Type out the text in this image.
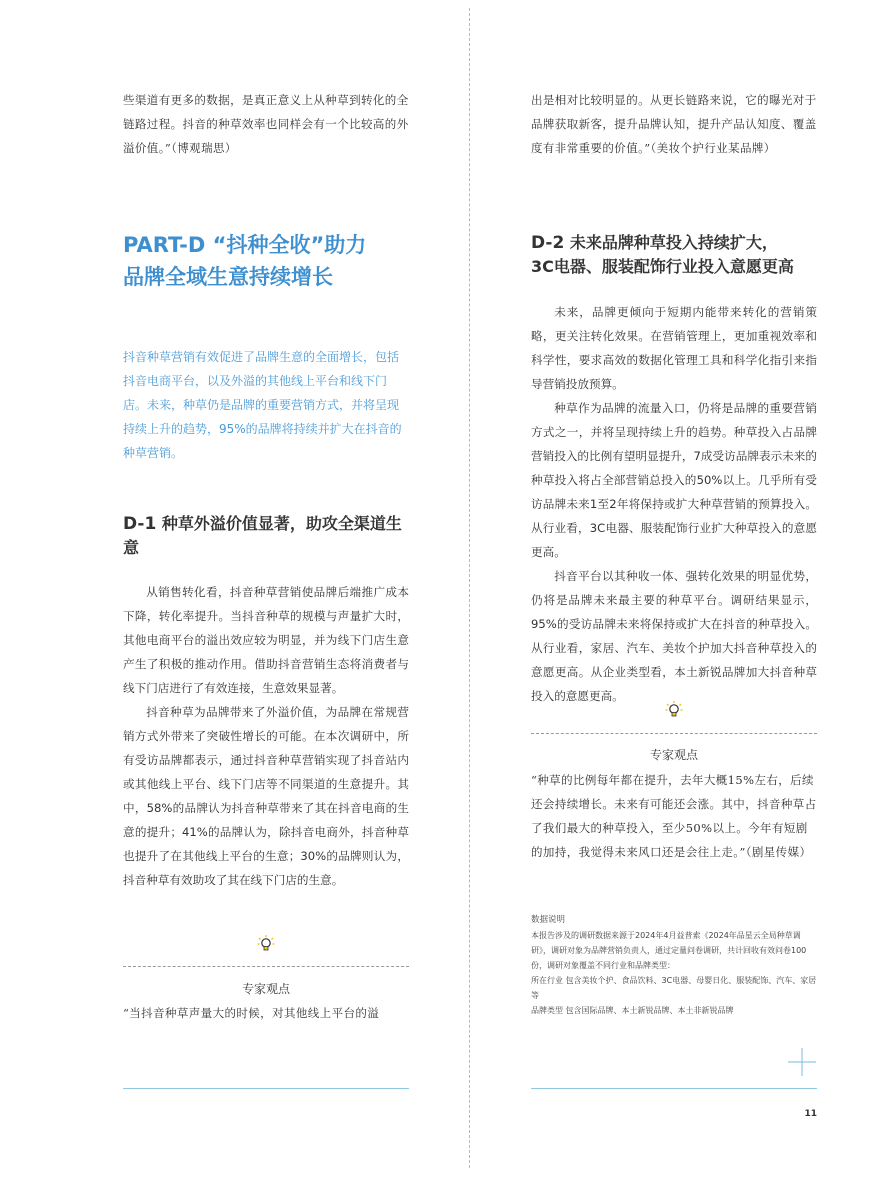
些渠道有更多的数据，是真正意义上从种草到转化的全链路过程。抖音的种草效率也同样会有一个比较高的外溢价值。”（博观瑞思）

PART-D “抖种全收”助力

品牌全域生意持续增长

抖音种草营销有效促进了品牌生意的全面增长，包括抖音电商平台，以及外溢的其他线上平台和线下门店。未来，种草仍是品牌的重要营销方式，并将呈现持续上升的趋势，95%的品牌将持续并扩大在抖音的种草营销。

D-1 种草外溢价值显著，助攻全渠道生意

从销售转化看，抖音种草营销使品牌后端推广成本下降，转化率提升。当抖音种草的规模与声量扩大时，其他电商平台的溢出效应较为明显，并为线下门店生意产生了积极的推动作用。借助抖音营销生态将消费者与线下门店进行了有效连接，生意效果显著。

抖音种草为品牌带来了外溢价值，为品牌在常规营销方式外带来了突破性增长的可能。在本次调研中，所有受访品牌都表示，通过抖音种草营销实现了抖音站内或其他线上平台、线下门店等不同渠道的生意提升。其中，58%的品牌认为抖音种草带来了其在抖音电商的生意的提升；41%的品牌认为，除抖音电商外，抖音种草也提升了在其他线上平台的生意；30%的品牌则认为，抖音种草有效助攻了其在线下门店的生意。

专家观点

“当抖音种草声量大的时候，对其他线上平台的溢

出是相对比较明显的。从更长链路来说，它的曝光对于品牌获取新客，提升品牌认知，提升产品认知度、覆盖度有非常重要的价值。”（美妆个护行业某品牌）

D-2 未来品牌种草投入持续扩大，

3C电器、服装配饰行业投入意愿更高

未来，品牌更倾向于短期内能带来转化的营销策略，更关注转化效果。在营销管理上，更加重视效率和科学性，要求高效的数据化管理工具和科学化指引来指导营销投放预算。

种草作为品牌的流量入口，仍将是品牌的重要营销方式之一，并将呈现持续上升的趋势。种草投入占品牌营销投入的比例有望明显提升，7成受访品牌表示未来的种草投入将占全部营销总投入的50%以上。几乎所有受访品牌未来1至2年将保持或扩大种草营销的预算投入。从行业看，3C电器、服装配饰行业扩大种草投入的意愿更高。

抖音平台以其种收一体、强转化效果的明显优势，仍将是品牌未来最主要的种草平台。调研结果显示，95%的受访品牌未来将保持或扩大在抖音的种草投入。从行业看，家居、汽车、美妆个护加大抖音种草投入的意愿更高。从企业类型看，本土新锐品牌加大抖音种草投入的意愿更高。

专家观点

“种草的比例每年都在提升，去年大概15%左右，后续还会持续增长。未来有可能还会涨。其中，抖音种草占了我们最大的种草投入，至少50%以上。今年有短剧的加持，我觉得未来风口还是会往上走。”（剧星传媒）

数据说明

本报告涉及的调研数据来源于2024年4月益普索《2024年品星云全局种草调研》，调研对象为品牌营销负责人，通过定量问卷调研，共计回收有效问卷100份，调研对象覆盖不同行业和品牌类型：

所在行业 包含美妆个护、食品饮料、3C电器、母婴日化、服装配饰、汽车、家居等

品牌类型 包含国际品牌、本土新锐品牌、本土非新锐品牌

11
